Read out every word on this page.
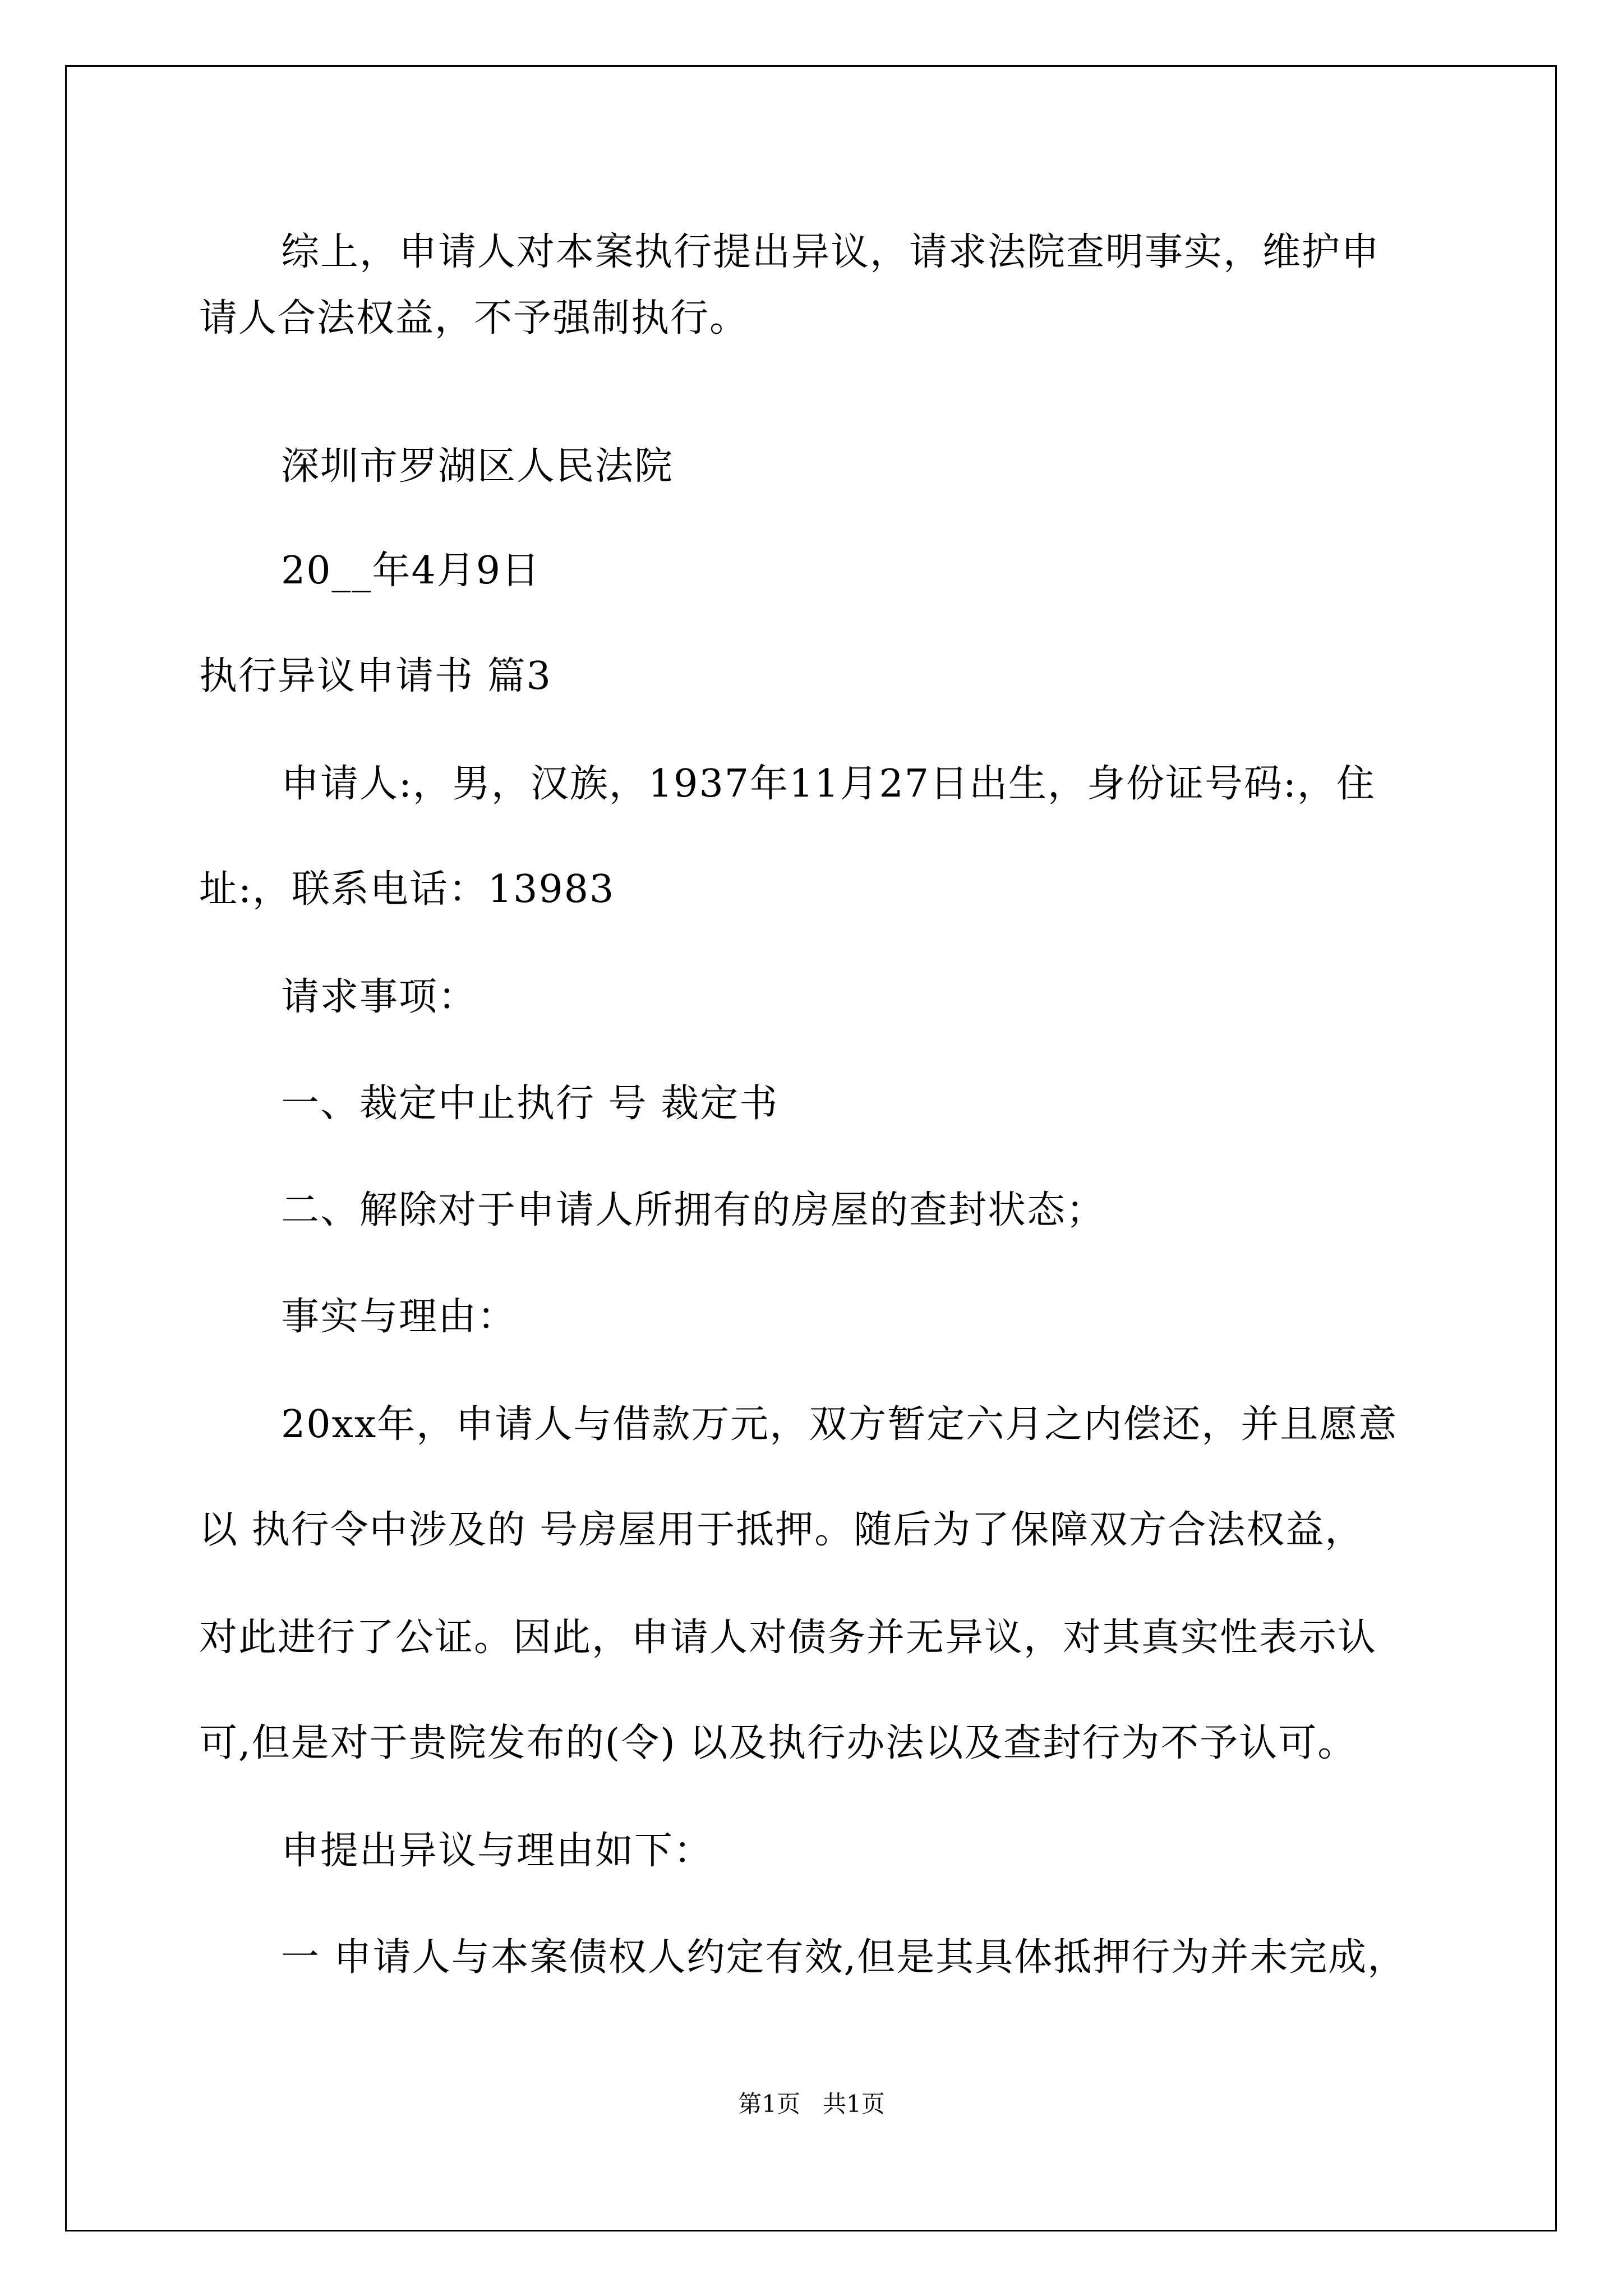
综上，申请人对本案执行提出异议，请求法院查明事实，维护申
请人合法权益，不予强制执行。
深圳市罗湖区人民法院
20__年4月9日
执行异议申请书 篇3
申请人:，男，汉族，1937年11月27日出生，身份证号码:，住
址:，联系电话：13983
请求事项：
一、裁定中止执行 号 裁定书
二、解除对于申请人所拥有的房屋的查封状态；
事实与理由：
20xx年，申请人与借款万元，双方暂定六月之内偿还，并且愿意
以 执行令中涉及的 号房屋用于抵押。随后为了保障双方合法权益，
对此进行了公证。因此，申请人对债务并无异议，对其真实性表示认
可,但是对于贵院发布的(令) 以及执行办法以及查封行为不予认可。
申提出异议与理由如下：
一 申请人与本案债权人约定有效,但是其具体抵押行为并未完成，
第1页   共1页
